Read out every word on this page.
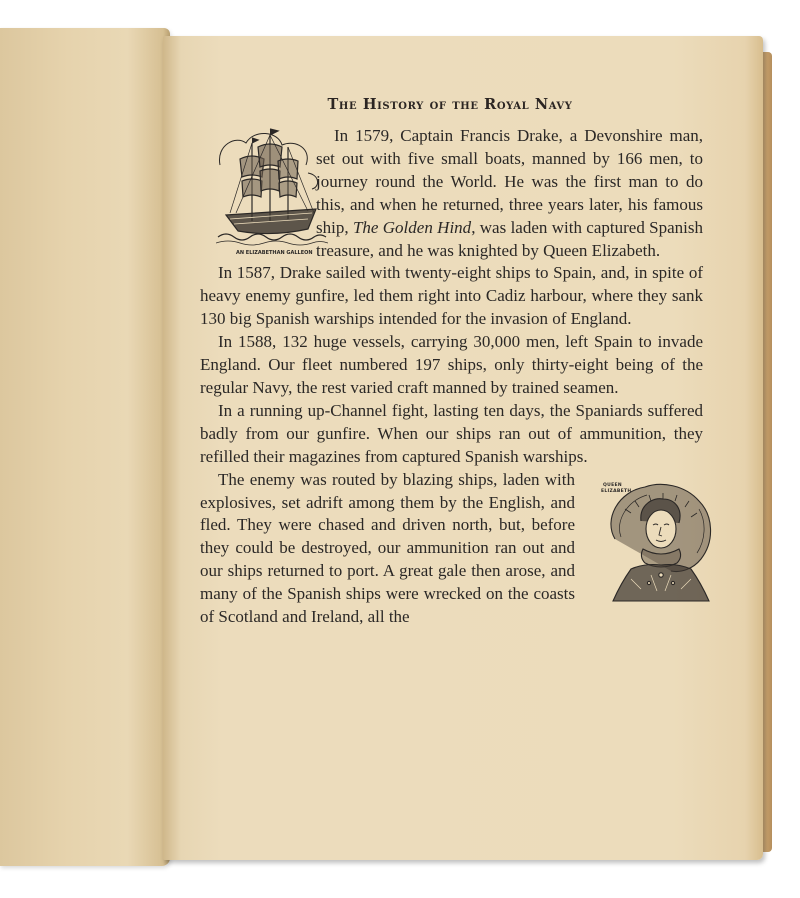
The History of the Royal Navy

AN ELIZABETHAN GALLEON
In 1579, Captain Francis Drake, a Devonshire man, set out with five small boats, manned by 166 men, to journey round the World. He was the first man to do this, and when he returned, three years later, his famous ship, The Golden Hind, was laden with captured Spanish treasure, and he was knighted by Queen Elizabeth.

In 1587, Drake sailed with twenty-eight ships to Spain, and, in spite of heavy enemy gunfire, led them right into Cadiz harbour, where they sank 130 big Spanish warships intended for the invasion of England.

In 1588, 132 huge vessels, carrying 30,000 men, left Spain to invade England. Our fleet numbered 197 ships, only thirty-eight being of the regular Navy, the rest varied craft manned by trained seamen.

In a running up-Channel fight, lasting ten days, the Spaniards suffered badly from our gunfire. When our ships ran out of ammunition, they refilled their magazines from captured Spanish warships.

QUEEN
ELIZABETH
The enemy was routed by blazing ships, laden with explosives, set adrift among them by the English, and fled. They were chased and driven north, but, before they could be destroyed, our ammunition ran out and our ships returned to port. A great gale then arose, and many of the Spanish ships were wrecked on the coasts of Scotland and Ireland, all the
